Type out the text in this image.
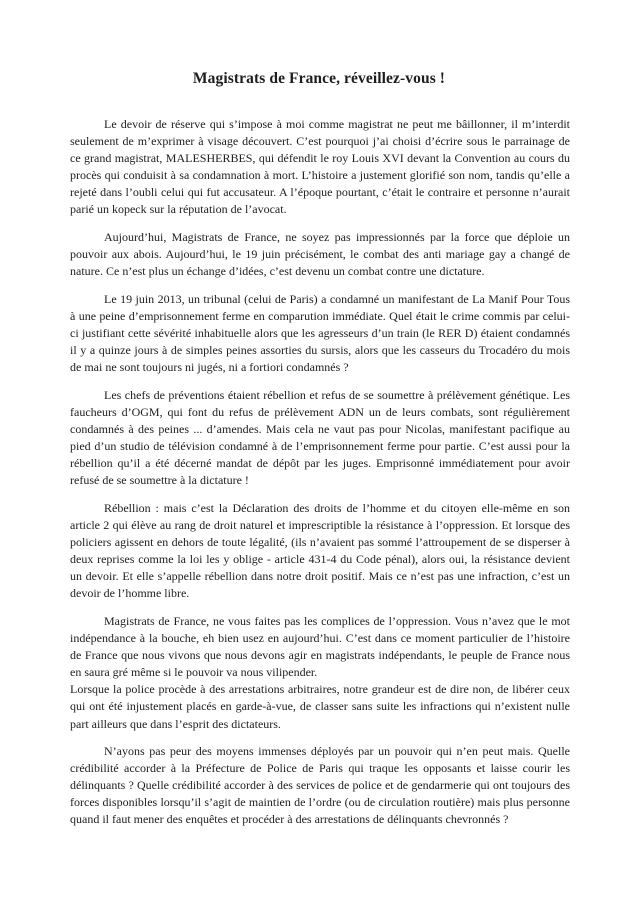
Magistrats de France, réveillez-vous !

Le devoir de réserve qui s’impose à moi comme magistrat ne peut me bâillonner, il m’interdit seulement de m’exprimer à visage découvert. C’est pourquoi j’ai choisi d’écrire sous le parrainage de ce grand magistrat, MALESHERBES, qui défendit le roy Louis XVI devant la Convention au cours du procès qui conduisit à sa condamnation à mort. L’histoire a justement glorifié son nom, tandis qu’elle a rejeté dans l’oubli celui qui fut accusateur. A l’époque pourtant, c’était le contraire et personne n’aurait parié un kopeck sur la réputation de l’avocat.

Aujourd’hui, Magistrats de France, ne soyez pas impressionnés par la force que déploie un pouvoir aux abois. Aujourd’hui, le 19 juin précisément, le combat des anti mariage gay a changé de nature. Ce n’est plus un échange d’idées, c’est devenu un combat contre une dictature.

Le 19 juin 2013, un tribunal (celui de Paris) a condamné un manifestant de La Manif Pour Tous à une peine d’emprisonnement ferme en comparution immédiate. Quel était le crime commis par celui-ci justifiant cette sévérité inhabituelle alors que les agresseurs d’un train (le RER D) étaient condamnés il y a quinze jours à de simples peines assorties du sursis, alors que les casseurs du Trocadéro du mois de mai ne sont toujours ni jugés, ni a fortiori condamnés ?

Les chefs de préventions étaient rébellion et refus de se soumettre à prélèvement génétique. Les faucheurs d’OGM, qui font du refus de prélèvement ADN un de leurs combats, sont régulièrement condamnés à des peines ... d’amendes. Mais cela ne vaut pas pour Nicolas, manifestant pacifique au pied d’un studio de télévision condamné à de l’emprisonnement ferme pour partie. C’est aussi pour la rébellion qu’il a été décerné mandat de dépôt par les juges. Emprisonné immédiatement pour avoir refusé de se soumettre à la dictature !

Rébellion : mais c’est la Déclaration des droits de l’homme et du citoyen elle-même en son article 2 qui élève au rang de droit naturel et imprescriptible la résistance à l’oppression. Et lorsque des policiers agissent en dehors de toute légalité, (ils n’avaient pas sommé l’attroupement de se disperser à deux reprises comme la loi les y oblige - article 431-4 du Code pénal), alors oui, la résistance devient un devoir. Et elle s’appelle rébellion dans notre droit positif. Mais ce n’est pas une infraction, c’est un devoir de l’homme libre.

Magistrats de France, ne vous faites pas les complices de l’oppression. Vous n’avez que le mot indépendance à la bouche, eh bien usez en aujourd’hui. C’est dans ce moment particulier de l’histoire de France que nous vivons que nous devons agir en magistrats indépendants, le peuple de France nous en saura gré même si le pouvoir va nous vilipender.

Lorsque la police procède à des arrestations arbitraires, notre grandeur est de dire non, de libérer ceux qui ont été injustement placés en garde-à-vue, de classer sans suite les infractions qui n’existent nulle part ailleurs que dans l’esprit des dictateurs.

N’ayons pas peur des moyens immenses déployés par un pouvoir qui n’en peut mais. Quelle crédibilité accorder à la Préfecture de Police de Paris qui traque les opposants et laisse courir les délinquants ? Quelle crédibilité accorder à des services de police et de gendarmerie qui ont toujours des forces disponibles lorsqu’il s’agit de maintien de l’ordre (ou de circulation routière) mais plus personne quand il faut mener des enquêtes et procéder à des arrestations de délinquants chevronnés ?
